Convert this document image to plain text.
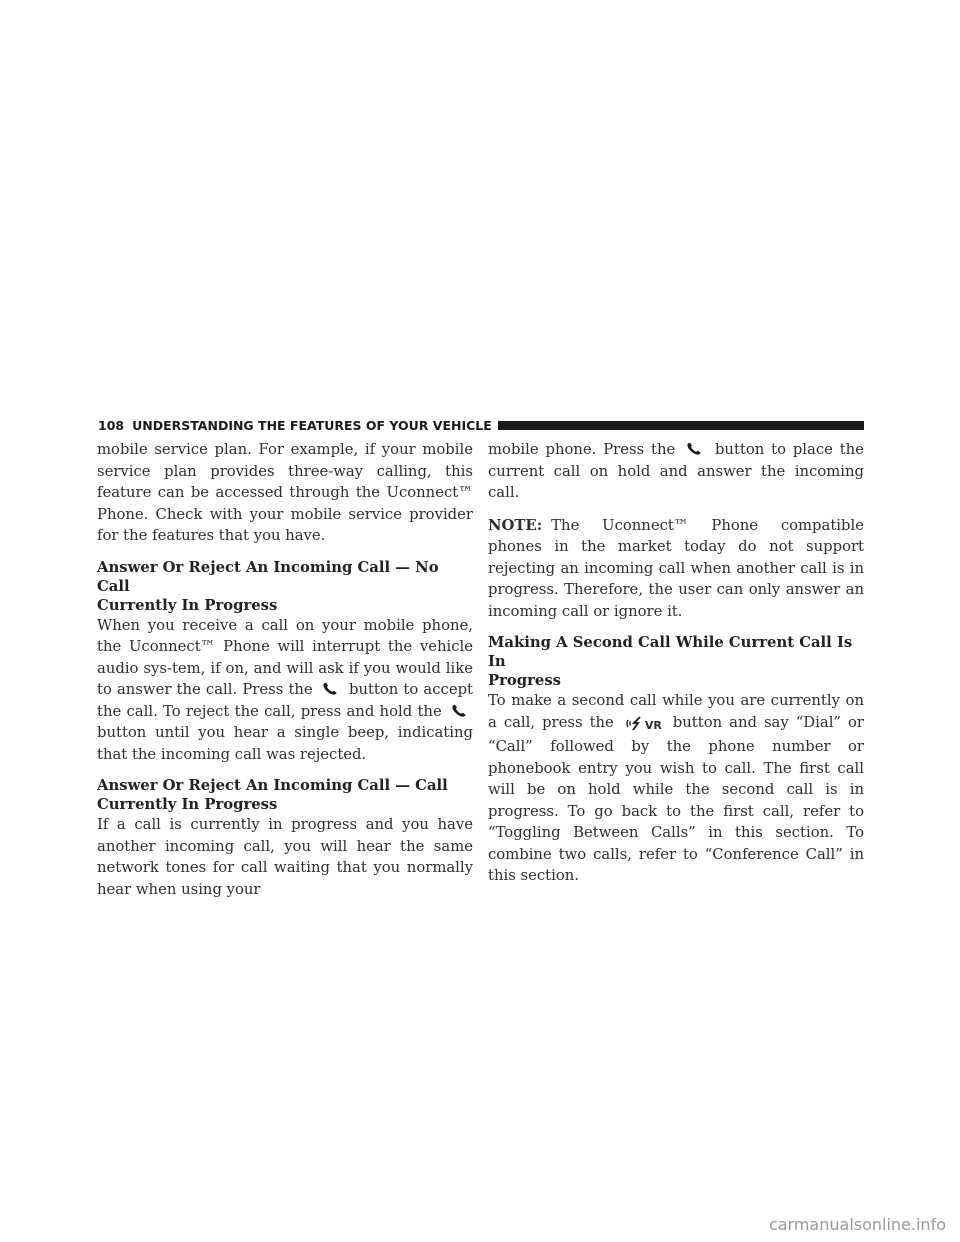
108 UNDERSTANDING THE FEATURES OF YOUR VEHICLE

mobile service plan. For example, if your mobile service plan provides three-way calling, this feature can be accessed through the Uconnect™ Phone. Check with your mobile service provider for the features that you have.

Answer Or Reject An Incoming Call — No Call
Currently In Progress

When you receive a call on your mobile phone, the Uconnect™ Phone will interrupt the vehicle audio sys-tem, if on, and will ask if you would like to answer the call. Press the button to accept the call. To reject the call, press and hold the  button until you hear a single beep, indicating that the incoming call was rejected.

Answer Or Reject An Incoming Call — Call
Currently In Progress

If a call is currently in progress and you have another incoming call, you will hear the same network tones for call waiting that you normally hear when using your

mobile phone. Press the	button to place the current call on hold and answer the incoming call.

NOTE: The Uconnect™ Phone compatible phones in the market today do not support rejecting an incoming call when another call is in progress. Therefore, the user can only answer an incoming call or ignore it.

Making A Second Call While Current Call Is In
Progress

To make a second call while you are currently on a call, press the	VR button and say “Dial” or “Call” followed by the phone number or phonebook entry you wish to call. The first call will be on hold while the second call is in progress. To go back to the first call, refer to “Toggling Between Calls” in this section. To combine two calls, refer to “Conference Call” in this section.

carmanualsonline.info
